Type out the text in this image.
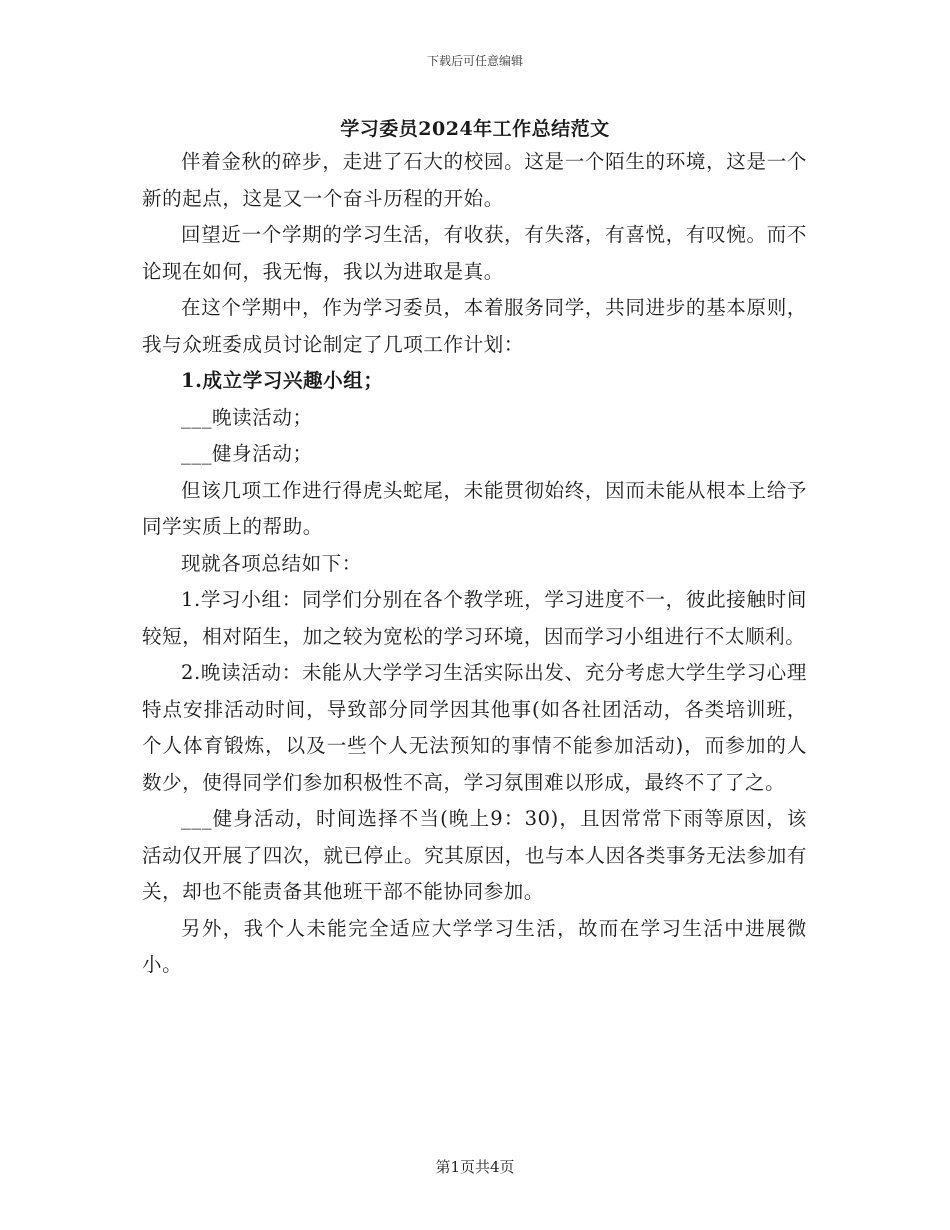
下载后可任意编辑
学习委员2024年工作总结范文

伴着金秋的碎步，走进了石大的校园。这是一个陌生的环境，这是一个新的起点，这是又一个奋斗历程的开始。

回望近一个学期的学习生活，有收获，有失落，有喜悦，有叹惋。而不论现在如何，我无悔，我以为进取是真。

在这个学期中，作为学习委员，本着服务同学，共同进步的基本原则，我与众班委成员讨论制定了几项工作计划：

1.成立学习兴趣小组；

___晚读活动；

___健身活动；

但该几项工作进行得虎头蛇尾，未能贯彻始终，因而未能从根本上给予同学实质上的帮助。

现就各项总结如下：

1.学习小组：同学们分别在各个教学班，学习进度不一，彼此接触时间较短，相对陌生，加之较为宽松的学习环境，因而学习小组进行不太顺利。

2.晚读活动：未能从大学学习生活实际出发、充分考虑大学生学习心理特点安排活动时间，导致部分同学因其他事(如各社团活动，各类培训班，个人体育锻炼，以及一些个人无法预知的事情不能参加活动)，而参加的人数少，使得同学们参加积极性不高，学习氛围难以形成，最终不了了之。

___健身活动，时间选择不当(晚上9：30)，且因常常下雨等原因，该活动仅开展了四次，就已停止。究其原因，也与本人因各类事务无法参加有关，却也不能责备其他班干部不能协同参加。

另外，我个人未能完全适应大学学习生活，故而在学习生活中进展微小。

第1页共4页
